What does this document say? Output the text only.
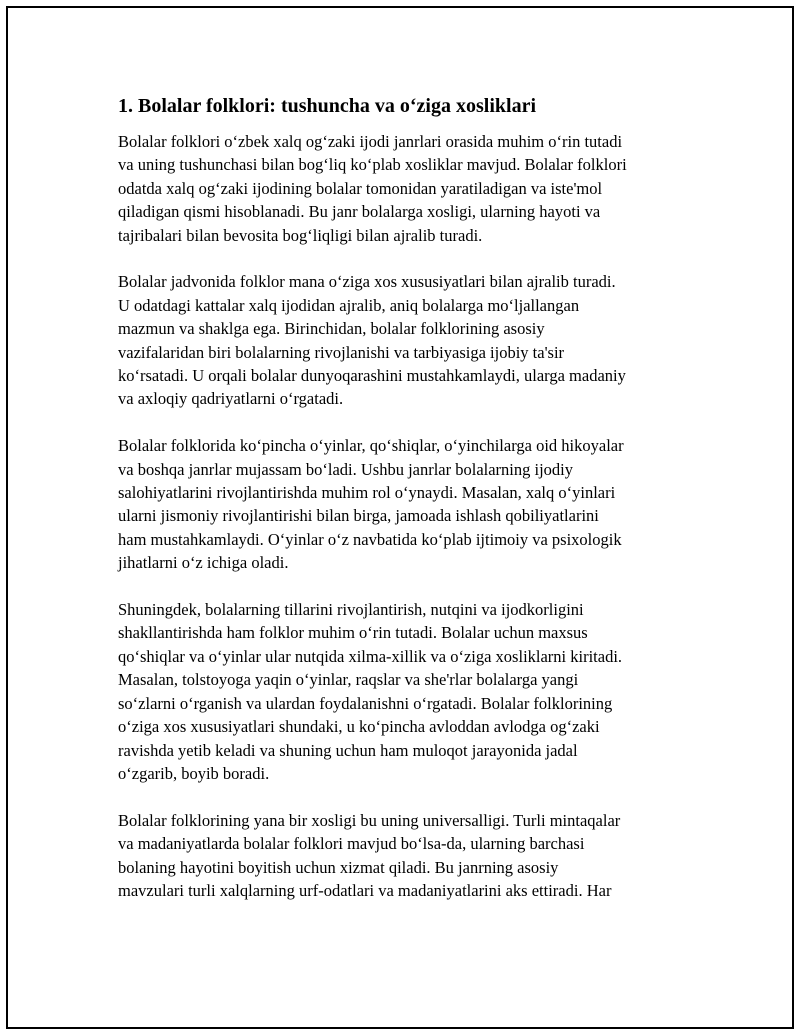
1. Bolalar folklori: tushuncha va o‘ziga xosliklari
Bolalar folklori o‘zbek xalq og‘zaki ijodi janrlari orasida muhim o‘rin tutadi
va uning tushunchasi bilan bog‘liq ko‘plab xosliklar mavjud. Bolalar folklori
odatda xalq og‘zaki ijodining bolalar tomonidan yaratiladigan va iste'mol
qiladigan qismi hisoblanadi. Bu janr bolalarga xosligi, ularning hayoti va
tajribalari bilan bevosita bog‘liqligi bilan ajralib turadi.
Bolalar jadvonida folklor mana o‘ziga xos xususiyatlari bilan ajralib turadi.
U odatdagi kattalar xalq ijodidan ajralib, aniq bolalarga mo‘ljallangan
mazmun va shaklga ega. Birinchidan, bolalar folklorining asosiy
vazifalaridan biri bolalarning rivojlanishi va tarbiyasiga ijobiy ta'sir
ko‘rsatadi. U orqali bolalar dunyoqarashini mustahkamlaydi, ularga madaniy
va axloqiy qadriyatlarni o‘rgatadi.
Bolalar folklorida ko‘pincha o‘yinlar, qo‘shiqlar, o‘yinchilarga oid hikoyalar
va boshqa janrlar mujassam bo‘ladi. Ushbu janrlar bolalarning ijodiy
salohiyatlarini rivojlantirishda muhim rol o‘ynaydi. Masalan, xalq o‘yinlari
ularni jismoniy rivojlantirishi bilan birga, jamoada ishlash qobiliyatlarini
ham mustahkamlaydi. O‘yinlar o‘z navbatida ko‘plab ijtimoiy va psixologik
jihatlarni o‘z ichiga oladi.
Shuningdek, bolalarning tillarini rivojlantirish, nutqini va ijodkorligini
shakllantirishda ham folklor muhim o‘rin tutadi. Bolalar uchun maxsus
qo‘shiqlar va o‘yinlar ular nutqida xilma-xillik va o‘ziga xosliklarni kiritadi.
Masalan, tolstoyoga yaqin o‘yinlar, raqslar va she'rlar bolalarga yangi
so‘zlarni o‘rganish va ulardan foydalanishni o‘rgatadi. Bolalar folklorining
o‘ziga xos xususiyatlari shundaki, u ko‘pincha avloddan avlodga og‘zaki
ravishda yetib keladi va shuning uchun ham muloqot jarayonida jadal
o‘zgarib, boyib boradi.
Bolalar folklorining yana bir xosligi bu uning universalligi. Turli mintaqalar
va madaniyatlarda bolalar folklori mavjud bo‘lsa-da, ularning barchasi
bolaning hayotini boyitish uchun xizmat qiladi. Bu janrning asosiy
mavzulari turli xalqlarning urf-odatlari va madaniyatlarini aks ettiradi. Har
